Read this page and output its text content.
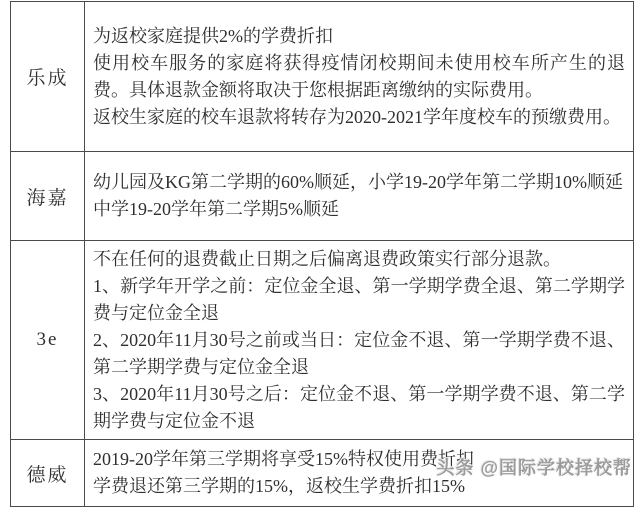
乐成	为返校家庭提供2%的学费折扣

使用校车服务的家庭将获得疫情闭校期间未使用校车所产生的退费。具体退款金额将取决于您根据距离缴纳的实际费用。

返校生家庭的校车退款将转存为2020-2021学年度校车的预缴费用。

海嘉	幼儿园及KG第二学期的60%顺延，小学19-20学年第二学期10%顺延

中学19-20学年第二学期5%顺延

3e	不在任何的退费截止日期之后偏离退费政策实行部分退款。

1、新学年开学之前：定位金全退、第一学期学费全退、第二学期学费与定位金全退

2、2020年11月30号之前或当日：定位金不退、第一学期学费不退、第二学期学费与定位金全退

3、2020年11月30号之后：定位金不退、第一学期学费不退、第二学期学费与定位金不退

德威	2019-20学年第三学期将享受15%特权使用费折扣

学费退还第三学期的15%，返校生学费折扣15%

头条 @国际学校择校帮
